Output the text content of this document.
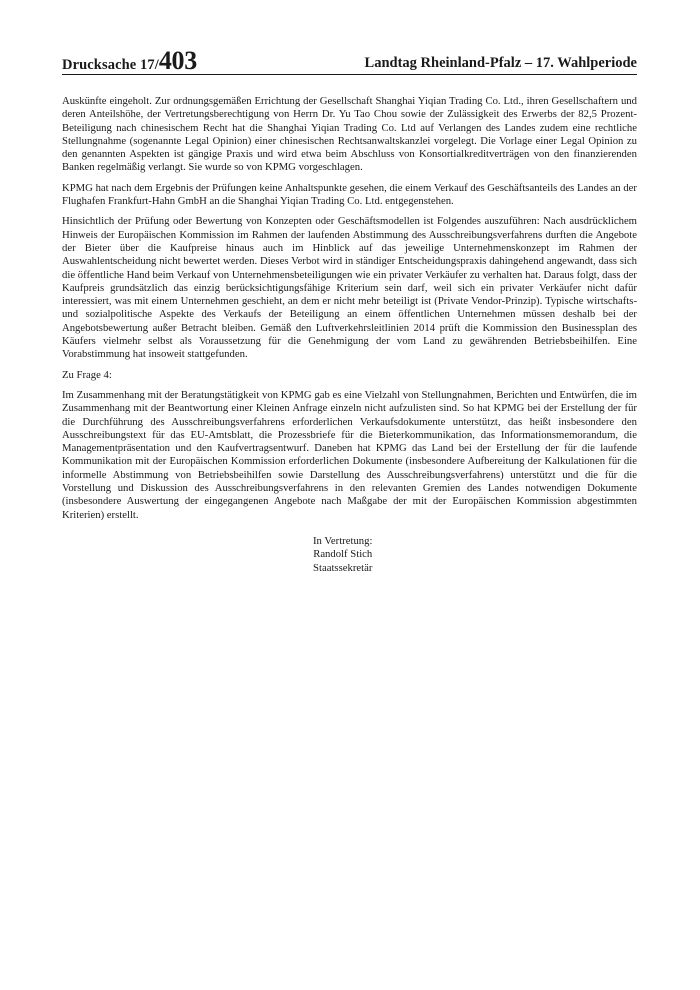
Drucksache 17/ 403	Landtag Rheinland-Pfalz – 17. Wahlperiode

Auskünfte eingeholt. Zur ordnungsgemäßen Errichtung der Gesellschaft Shanghai Yiqian Trading Co. Ltd., ihren Gesellschaftern und deren Anteilshöhe, der Vertretungsberechtigung von Herrn Dr. Yu Tao Chou sowie der Zulässigkeit des Erwerbs der 82,5 Prozent-Beteiligung nach chinesischem Recht hat die Shanghai Yiqian Trading Co. Ltd auf Verlangen des Landes zudem eine rechtliche Stellungnahme (sogenannte Legal Opinion) einer chinesischen Rechtsanwaltskanzlei vorgelegt. Die Vorlage einer Legal Opinion zu den genannten Aspekten ist gängige Praxis und wird etwa beim Abschluss von Konsortialkreditverträgen von den finanzierenden Banken regelmäßig verlangt. Sie wurde so von KPMG vorgeschlagen.

KPMG hat nach dem Ergebnis der Prüfungen keine Anhaltspunkte gesehen, die einem Verkauf des Geschäftsanteils des Landes an der Flughafen Frankfurt-Hahn GmbH an die Shanghai Yiqian Trading Co. Ltd. entgegenstehen.

Hinsichtlich der Prüfung oder Bewertung von Konzepten oder Geschäftsmodellen ist Folgendes auszuführen: Nach ausdrücklichem Hinweis der Europäischen Kommission im Rahmen der laufenden Abstimmung des Ausschreibungsverfahrens durften die Angebote der Bieter über die Kaufpreise hinaus auch im Hinblick auf das jeweilige Unternehmenskonzept im Rahmen der Auswahlentscheidung nicht bewertet werden. Dieses Verbot wird in ständiger Entscheidungspraxis dahingehend angewandt, dass sich die öffentliche Hand beim Verkauf von Unternehmensbeteiligungen wie ein privater Verkäufer zu verhalten hat. Daraus folgt, dass der Kaufpreis grundsätzlich das einzig berücksichtigungsfähige Kriterium sein darf, weil sich ein privater Verkäufer nicht dafür interessiert, was mit einem Unternehmen geschieht, an dem er nicht mehr beteiligt ist (Private Vendor-Prinzip). Typische wirtschafts- und sozialpolitische Aspekte des Verkaufs der Beteiligung an einem öffentlichen Unternehmen müssen deshalb bei der Angebotsbewertung außer Betracht bleiben. Gemäß den Luftverkehrsleitlinien 2014 prüft die Kommission den Businessplan des Käufers vielmehr selbst als Voraussetzung für die Genehmigung der vom Land zu gewährenden Betriebsbeihilfen. Eine Vorabstimmung hat insoweit stattgefunden.

Zu Frage 4:

Im Zusammenhang mit der Beratungstätigkeit von KPMG gab es eine Vielzahl von Stellungnahmen, Berichten und Entwürfen, die im Zusammenhang mit der Beantwortung einer Kleinen Anfrage einzeln nicht aufzulisten sind. So hat KPMG bei der Erstellung der für die Durchführung des Ausschreibungsverfahrens erforderlichen Verkaufsdokumente unterstützt, das heißt insbesondere den Ausschreibungstext für das EU-Amtsblatt, die Prozessbriefe für die Bieterkommunikation, das Informationsmemorandum, die Managementpräsentation und den Kaufvertragsentwurf. Daneben hat KPMG das Land bei der Erstellung der für die laufende Kommunikation mit der Europäischen Kommission erforderlichen Dokumente (insbesondere Aufbereitung der Kalkulationen für die informelle Abstimmung von Betriebsbeihilfen sowie Darstellung des Ausschreibungsverfahrens) unterstützt und die für die Vorstellung und Diskussion des Ausschreibungsverfahrens in den relevanten Gremien des Landes notwendigen Dokumente (insbesondere Auswertung der eingegangenen Angebote nach Maßgabe der mit der Europäischen Kommission abgestimmten Kriterien) erstellt.

In Vertretung:
Randolf Stich
Staatssekretär
